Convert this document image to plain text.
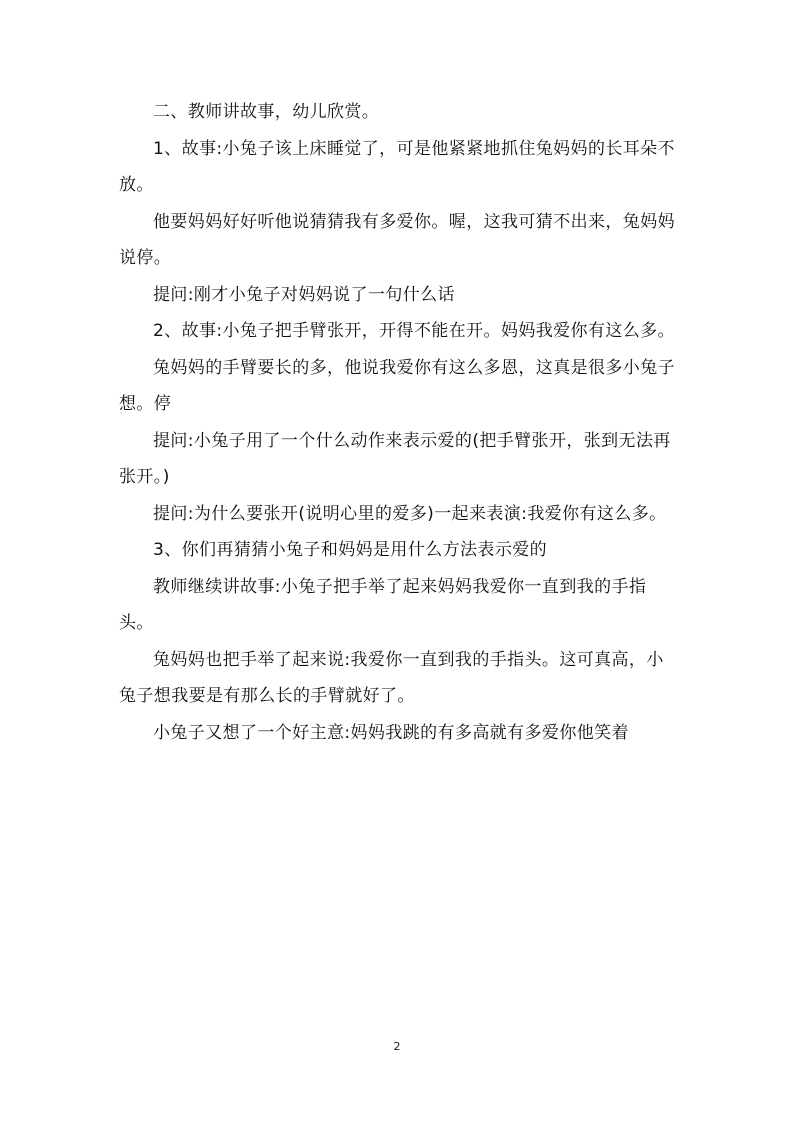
二、教师讲故事，幼儿欣赏。

1、故事:小兔子该上床睡觉了，可是他紧紧地抓住兔妈妈的长耳朵不放。

他要妈妈好好听他说猜猜我有多爱你。喔，这我可猜不出来，兔妈妈说停。

提问:刚才小兔子对妈妈说了一句什么话

2、故事:小兔子把手臂张开，开得不能在开。妈妈我爱你有这么多。

兔妈妈的手臂要长的多，他说我爱你有这么多恩，这真是很多小兔子想。停

提问:小兔子用了一个什么动作来表示爱的(把手臂张开，张到无法再张开。)

提问:为什么要张开(说明心里的爱多)一起来表演:我爱你有这么多。

3、你们再猜猜小兔子和妈妈是用什么方法表示爱的

教师继续讲故事:小兔子把手举了起来妈妈我爱你一直到我的手指头。

兔妈妈也把手举了起来说:我爱你一直到我的手指头。这可真高，小兔子想我要是有那么长的手臂就好了。

小兔子又想了一个好主意:妈妈我跳的有多高就有多爱你他笑着

2
